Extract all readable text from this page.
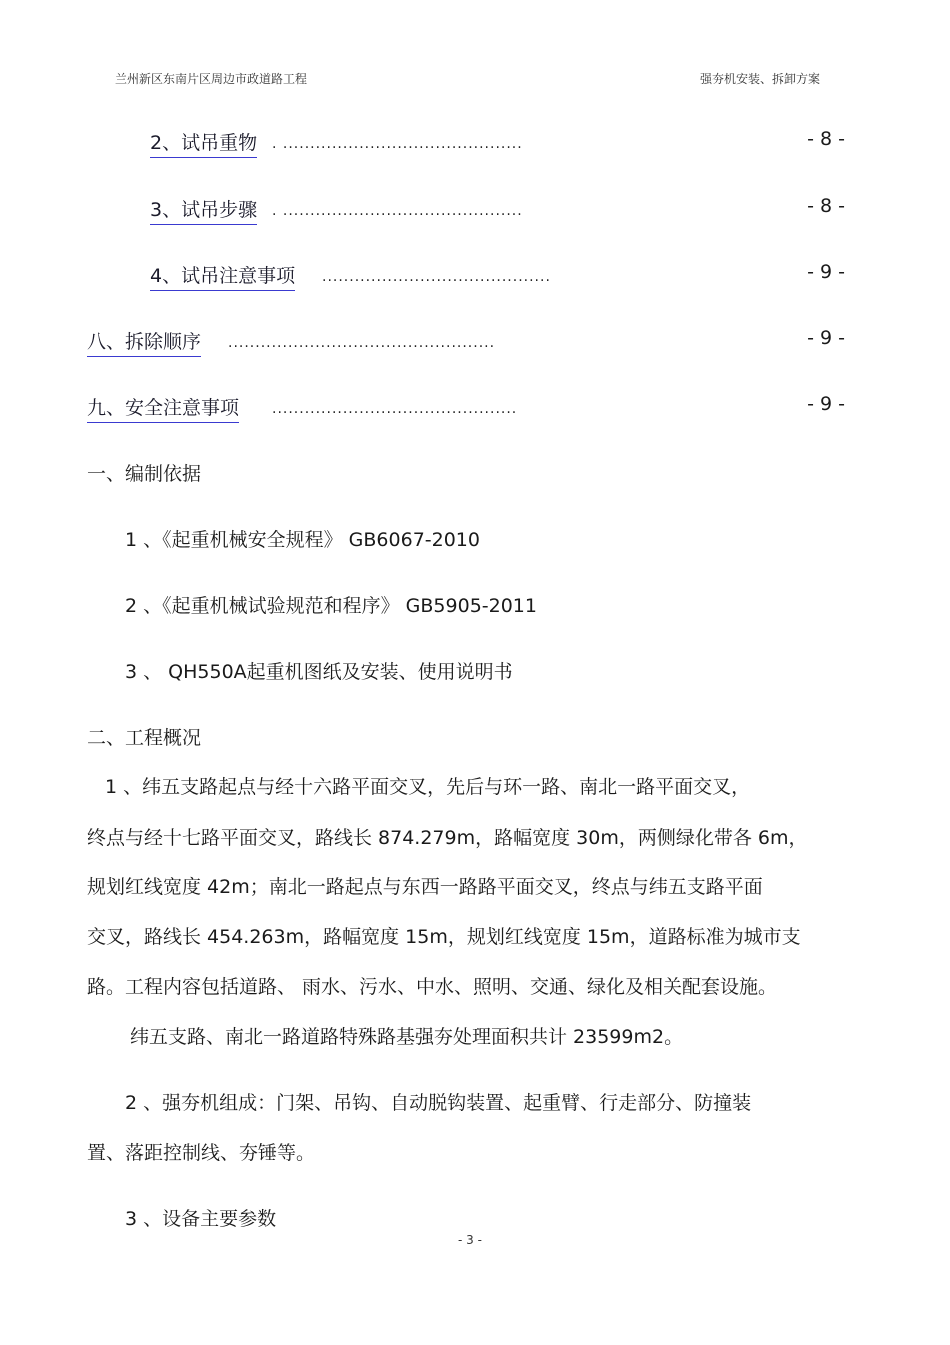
兰州新区东南片区周边市政道路工程	强夯机安装、拆卸方案
2、试吊重物 . ............................................	- 8 -
3、试吊步骤 . ............................................	- 8 -
4、试吊注意事项 ..........................................	- 9 -
八、拆除顺序 .................................................	- 9 -
九、安全注意事项 .............................................	- 9 -
一、编制依据
1 、《起重机械安全规程》 GB6067-2010
2 、《起重机械试验规范和程序》 GB5905-2011
3 、 QH550A起重机图纸及安装、使用说明书
二、工程概况
1 、纬五支路起点与经十六路平面交叉，先后与环一路、南北一路平面交叉，
终点与经十七路平面交叉，路线长 874.279m，路幅宽度 30m，两侧绿化带各 6m，
规划红线宽度 42m；南北一路起点与东西一路路平面交叉，终点与纬五支路平面
交叉，路线长 454.263m，路幅宽度 15m，规划红线宽度 15m，道路标准为城市支
路。工程内容包括道路、 雨水、污水、中水、照明、交通、绿化及相关配套设施。
纬五支路、南北一路道路特殊路基强夯处理面积共计 23599m2。
2 、强夯机组成：门架、吊钩、自动脱钩装置、起重臂、行走部分、防撞装
置、落距控制线、夯锤等。
3 、设备主要参数
- 3 -
